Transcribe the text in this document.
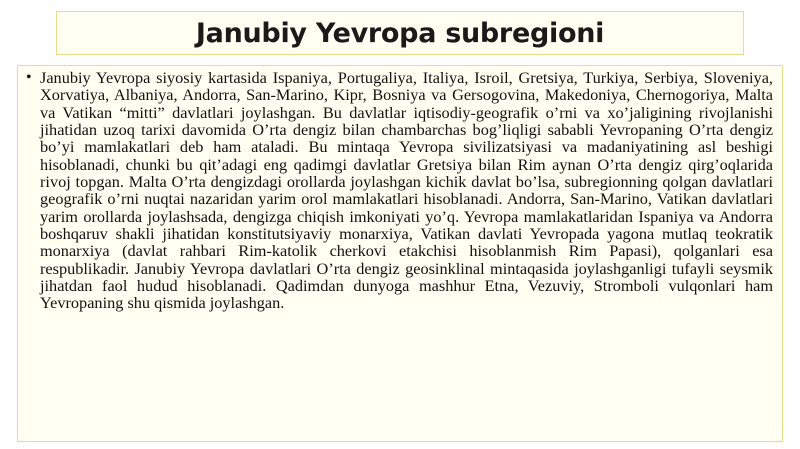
Janubiy Yevropa subregioni
• Janubiy Yevropa siyosiy kartasida Ispaniya, Portugaliya, Italiya, Isroil, Gretsiya, Turkiya, Serbiya, Sloveniya, Xorvatiya, Albaniya, Andorra, San-Marino, Kipr, Bosniya va Gersogovina, Makedoniya, Chernogoriya, Malta va Vatikan “mitti” davlatlari joylashgan. Bu davlatlar iqtisodiy-geografik o’rni va xo’jaligining rivojlanishi jihatidan uzoq tarixi davomida O’rta dengiz bilan chambarchas bog’liqligi sababli Yevropaning O’rta dengiz bo’yi mamlakatlari deb ham ataladi. Bu mintaqa Yevropa sivilizatsiyasi va madaniyatining asl beshigi hisoblanadi, chunki bu qit’adagi eng qadimgi davlatlar Gretsiya bilan Rim aynan O’rta dengiz qirg’oqlarida rivoj topgan. Malta O’rta dengizdagi orollarda joylashgan kichik davlat bo’lsa, subregionning qolgan davlatlari geografik o’rni nuqtai nazaridan yarim orol mamlakatlari hisoblanadi. Andorra, San-Marino, Vatikan davlatlari yarim orollarda joylashsada, dengizga chiqish imkoniyati yo’q. Yevropa mamlakatlaridan Ispaniya va Andorra boshqaruv shakli jihatidan konstitutsiyaviy monarxiya, Vatikan davlati Yevropada yagona mutlaq teokratik monarxiya (davlat rahbari Rim-katolik cherkovi etakchisi hisoblanmish Rim Papasi), qolganlari esa respublikadir. Janubiy Yevropa davlatlari O’rta dengiz geosinklinal mintaqasida joylashganligi tufayli seysmik jihatdan faol hudud hisoblanadi. Qadimdan dunyoga mashhur Etna, Vezuviy, Stromboli vulqonlari ham Yevropaning shu qismida joylashgan.
